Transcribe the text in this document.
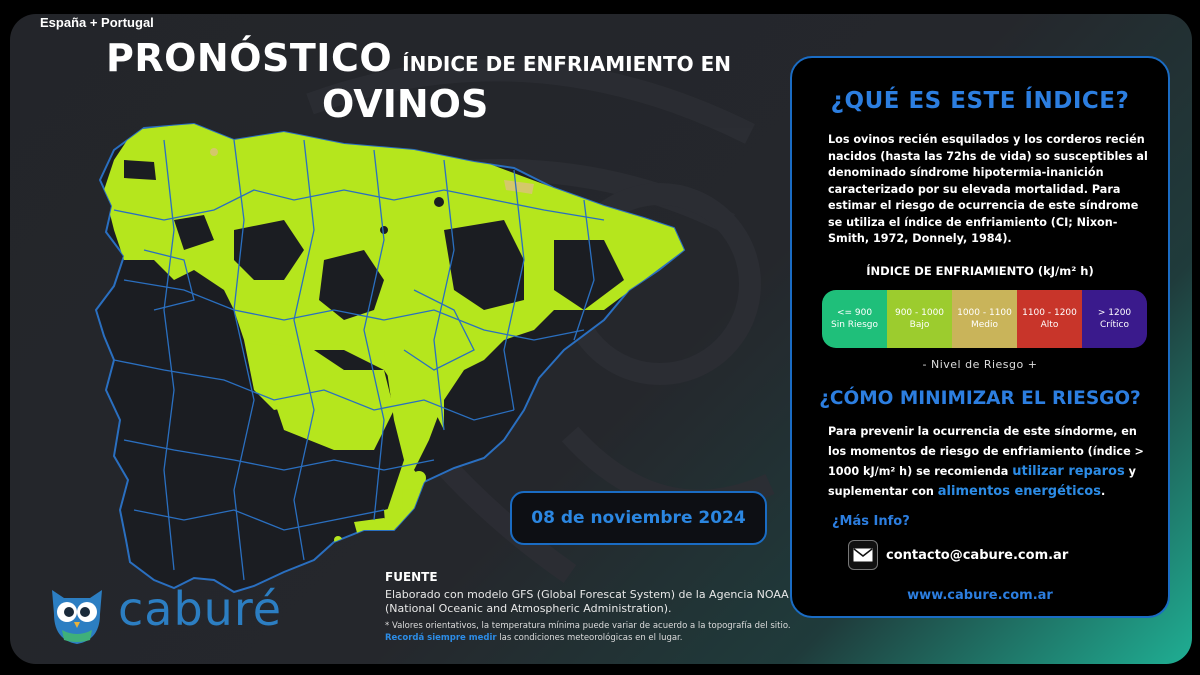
España + Portugal
PRONÓSTICO ÍNDICE DE ENFRIAMIENTO EN
OVINOS
08 de noviembre 2024
caburé
FUENTE
Elaborado con modelo GFS (Global Forescat System) de la Agencia NOAA (National Oceanic and Atmospheric Administration).
* Valores orientativos, la temperatura mínima puede variar de acuerdo a la topografía del sitio.
Recordá siempre medir las condiciones meteorológicas en el lugar.
¿QUÉ ES ESTE ÍNDICE?
Los ovinos recién esquilados y los corderos recién nacidos (hasta las 72hs de vida) so susceptibles al denominado síndrome hipotermia-inanición caracterizado por su elevada mortalidad. Para estimar el riesgo de ocurrencia de este síndrome se utiliza el índice de enfriamiento (CI; Nixon-Smith, 1972, Donnely, 1984).
ÍNDICE DE ENFRIAMIENTO (kJ/m² h)
<= 900
Sin Riesgo
900 - 1000
Bajo
1000 - 1100
Medio
1100 - 1200
Alto
> 1200
Crítico
- Nivel de Riesgo +
¿CÓMO MINIMIZAR EL RIESGO?
Para prevenir la ocurrencia de este síndorme, en los momentos de riesgo de enfriamiento (índice > 1000 kJ/m² h) se recomienda utilizar reparos y suplementar con alimentos energéticos.
¿Más Info?
contacto@cabure.com.ar
www.cabure.com.ar
